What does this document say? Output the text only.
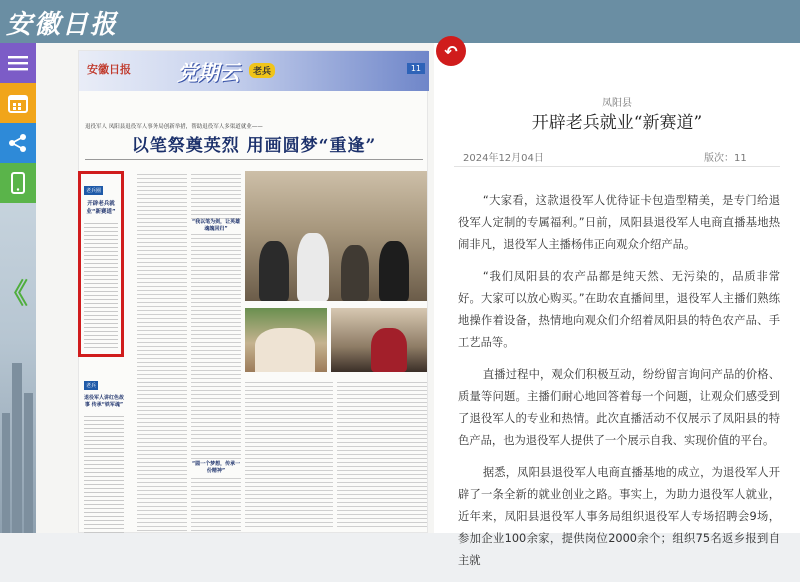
安徽日报
《
安徽日报 党期云	老兵	11
退役军人 凤阳县退役军人事务局创新举措，帮助退役军人多渠道就业——
以笔祭奠英烈 用画圆梦“重逢”
老兵圈
开辟老兵就业“新赛道”
老兵
退役军人讲红色故事 传承“铁军魂”
“我以笔为剑，让英雄魂魄回归”
“圆一个梦想，传承一份精神”
↶
凤阳县
开辟老兵就业“新赛道”
2024年12月04日	版次：11

“大家看，这款退役军人优待证卡包造型精美，是专门给退役军人定制的专属福利。”日前，凤阳县退役军人电商直播基地热闹非凡，退役军人主播杨伟正向观众介绍产品。

“我们凤阳县的农产品都是纯天然、无污染的，品质非常好。大家可以放心购买。”在助农直播间里，退役军人主播们熟练地操作着设备，热情地向观众们介绍着凤阳县的特色农产品、手工艺品等。

直播过程中，观众们积极互动，纷纷留言询问产品的价格、质量等问题。主播们耐心地回答着每一个问题，让观众们感受到了退役军人的专业和热情。此次直播活动不仅展示了凤阳县的特色产品，也为退役军人提供了一个展示自我、实现价值的平台。

据悉，凤阳县退役军人电商直播基地的成立，为退役军人开辟了一条全新的就业创业之路。事实上，为助力退役军人就业，近年来，凤阳县退役军人事务局组织退役军人专场招聘会9场，参加企业100余家，提供岗位2000余个；组织75名返乡报到自主就
